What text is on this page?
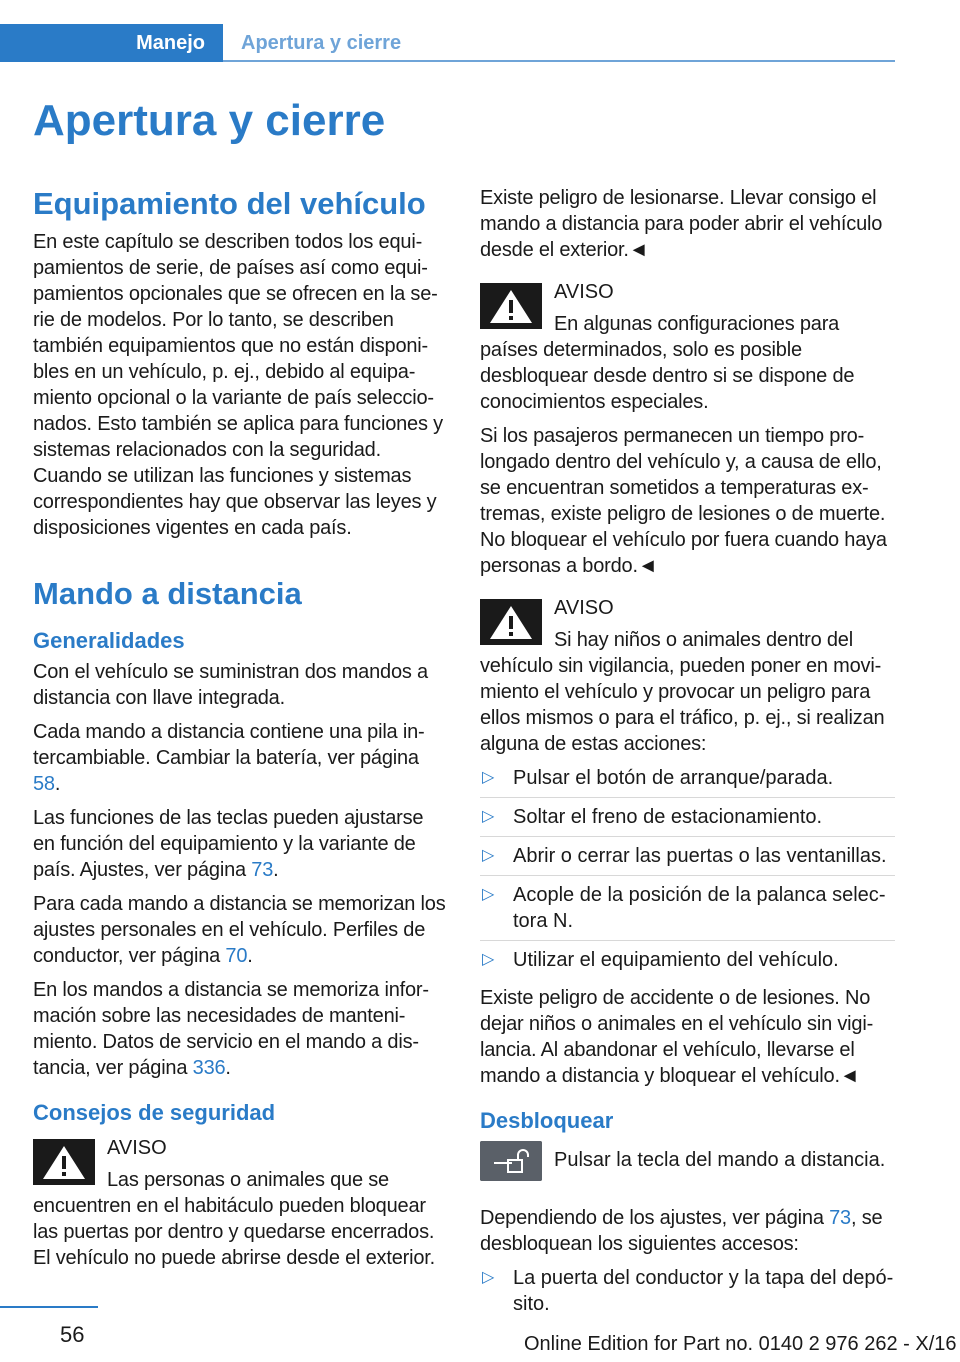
Manejo Apertura y cierre
Apertura y cierre
Equipamiento del vehículo

En este capítulo se describen todos los equipamientos de serie, de países así como equipamientos opcionales que se ofrecen en la serie de modelos. Por lo tanto, se describen también equipamientos que no están disponibles en un vehículo, p. ej., debido al equipamiento opcional o la variante de país seleccionados. Esto también se aplica para funciones y sistemas relacionados con la seguridad. Cuando se utilizan las funciones y sistemas correspondientes hay que observar las leyes y disposiciones vigentes en cada país.

Mando a distancia
Generalidades

Con el vehículo se suministran dos mandos a distancia con llave integrada.

Cada mando a distancia contiene una pila intercambiable. Cambiar la batería, ver página 58.

Las funciones de las teclas pueden ajustarse en función del equipamiento y la variante de país. Ajustes, ver página 73.

Para cada mando a distancia se memorizan los ajustes personales en el vehículo. Perfiles de conductor, ver página 70.

En los mandos a distancia se memoriza información sobre las necesidades de mantenimiento. Datos de servicio en el mando a distancia, ver página 336.

Consejos de seguridad

AVISO

Las personas o animales que se encuentren en el habitáculo pueden bloquear las puertas por dentro y quedarse encerrados. El vehículo no puede abrirse desde el exterior.

Existe peligro de lesionarse. Llevar consigo el mando a distancia para poder abrir el vehículo desde el exterior.◄

AVISO

En algunas configuraciones para países determinados, solo es posible desbloquear desde dentro si se dispone de conocimientos especiales.

Si los pasajeros permanecen un tiempo prolongado dentro del vehículo y, a causa de ello, se encuentran sometidos a temperaturas extremas, existe peligro de lesiones o de muerte. No bloquear el vehículo por fuera cuando haya personas a bordo.◄

AVISO

Si hay niños o animales dentro del vehículo sin vigilancia, pueden poner en movimiento el vehículo y provocar un peligro para ellos mismos o para el tráfico, p. ej., si realizan alguna de estas acciones:

▷ Pulsar el botón de arranque/parada.
▷ Soltar el freno de estacionamiento.
▷ Abrir o cerrar las puertas o las ventanillas.
▷ Acople de la posición de la palanca selectora N.
▷ Utilizar el equipamiento del vehículo.

Existe peligro de accidente o de lesiones. No dejar niños o animales en el vehículo sin vigilancia. Al abandonar el vehículo, llevarse el mando a distancia y bloquear el vehículo.◄

Desbloquear
Pulsar la tecla del mando a distancia.

Dependiendo de los ajustes, ver página 73, se desbloquean los siguientes accesos:

▷ La puerta del conductor y la tapa del depósito.
56	Online Edition for Part no. 0140 2 976 262 - X/16
